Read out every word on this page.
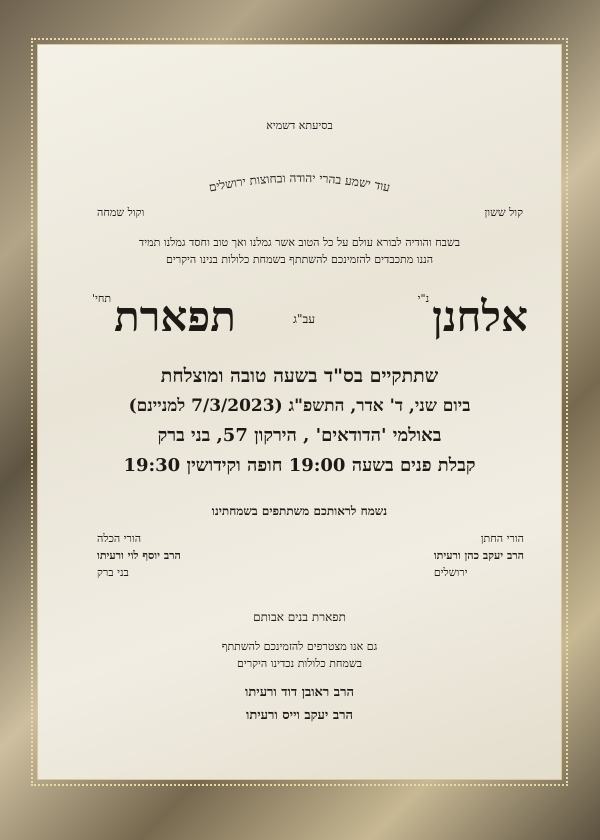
בסיעתא דשמיא
עוד ישמע בהרי יהודה ובחוצות ירושלים
קול ששון
וקול שמחה
בשבח והודיה לבורא עולם על כל הטוב אשר גמלנו ואך טוב וחסד גמלנו תמיד
הננו מתכבדים להזמינכם להשתתף בשמחת כלולות בנינו היקרים
אלחנן$^{נ"י}$
עב"ג
תפארת$^{תחי'}$
שתתקיים בס"ד בשעה טובה ומוצלחת
ביום שני, ד' אדר, התשפ"ג (7/3/2023 למניינם)
באולמי 'הדודאים' , הירקון 57, בני ברק
קבלת פנים בשעה 19:00 חופה וקידושין 19:30
נשמח לראותכם משתתפים בשמחתינו
הורי החתן
הרב יעקב כהן ורעיתו
ירושלים
הורי הכלה
הרב יוסף לוי ורעיתו
בני ברק
תפארת בנים אבותם
גם אנו מצטרפים להזמינכם להשתתף
בשמחת כלולות נכדינו היקרים
הרב ראובן דוד ורעיתו
הרב יעקב וייס ורעיתו
